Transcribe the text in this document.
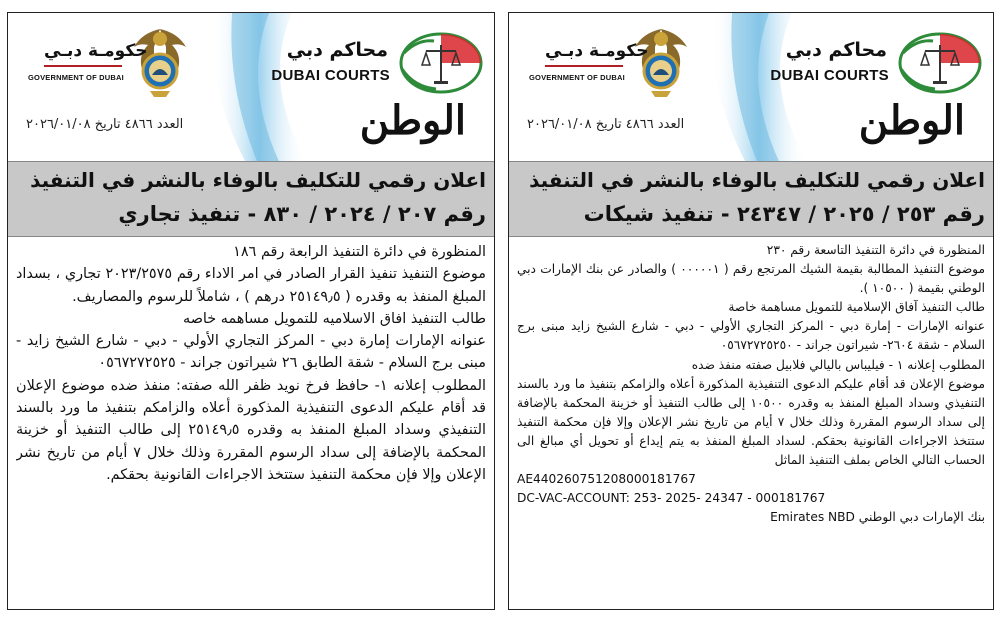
محاكم دبي
DUBAI COURTS
حكومـة دبـي
GOVERNMENT OF DUBAI
الوطن
العدد ٤٨٦٦ تاريخ ٢٠٢٦/٠١/٠٨
اعلان رقمي للتكليف بالوفاء بالنشر في التنفيذ
رقم ٢٠٧ / ٢٠٢٤ / ٨٣٠ - تنفيذ تجاري

المنظورة في دائرة التنفيذ الرابعة رقم ١٨٦

موضوع التنفيذ تنفيذ القرار الصادر في امر الاداء رقم ٢٠٢٣/٢٥٧٥ تجاري ، بسداد المبلغ المنفذ به وقدره ( ٢٥١٤٩٫٥ درهم ) ، شاملاً للرسوم والمصاريف.

طالب التنفيذ افاق الاسلاميه للتمويل مساهمه خاصه

عنوانه الإمارات إمارة دبي - المركز التجاري الأولي - دبي - شارع الشيخ زايد - مبنى برج السلام - شقة الطابق ٢٦ شيراتون جراند - ٠٥٦٧٢٧٢٥٢٥

المطلوب إعلانه ١- حافظ فرخ نويد ظفر الله صفته: منفذ ضده موضوع الإعلان قد أقام عليكم الدعوى التنفيذية المذكورة أعلاه والزامكم بتنفيذ ما ورد بالسند التنفيذي وسداد المبلغ المنفذ به وقدره ٢٥١٤٩٫٥ إلى طالب التنفيذ أو خزينة المحكمة بالإضافة إلى سداد الرسوم المقررة وذلك خلال ٧ أيام من تاريخ نشر الإعلان وإلا فإن محكمة التنفيذ ستتخذ الاجراءات القانونية بحقكم.

محاكم دبي
DUBAI COURTS
حكومـة دبـي
GOVERNMENT OF DUBAI
الوطن
العدد ٤٨٦٦ تاريخ ٢٠٢٦/٠١/٠٨
اعلان رقمي للتكليف بالوفاء بالنشر في التنفيذ
رقم ٢٥٣ / ٢٠٢٥ / ٢٤٣٤٧ - تنفيذ شيكات

المنظورة في دائرة التنفيذ التاسعة رقم ٢٣٠

موضوع التنفيذ المطالبة بقيمة الشيك المرتجع رقم ( ٠٠٠٠٠١ ) والصادر عن بنك الإمارات دبي الوطني بقيمة ( ١٠٥٠٠ ).

طالب التنفيذ آفاق الإسلامية للتمويل مساهمة خاصة

عنوانه الإمارات - إمارة دبي - المركز التجاري الأولي - دبي - شارع الشيخ زايد مبنى برج السلام - شقة ٢٦٠٤- شيراتون جراند - ٠٥٦٧٢٧٢٥٢٥٠

المطلوب إعلانه ١ - فيليباس باليالي فلابيل صفته منفذ ضده

موضوع الإعلان قد أقام عليكم الدعوى التنفيذية المذكورة أعلاه والزامكم بتنفيذ ما ورد بالسند التنفيذي وسداد المبلغ المنفذ به وقدره ١٠٥٠٠ إلى طالب التنفيذ أو خزينة المحكمة بالإضافة إلى سداد الرسوم المقررة وذلك خلال ٧ أيام من تاريخ نشر الإعلان وإلا فإن محكمة التنفيذ ستتخذ الاجراءات القانونية بحقكم. لسداد المبلغ المنفذ به يتم إيداع أو تحويل أي مبالغ الى الحساب التالي الخاص بملف التنفيذ الماثل

AE440260751208000181767

DC-VAC-ACCOUNT: 253- 2025- 24347 - 000181767

بنك الإمارات دبي الوطني Emirates NBD
